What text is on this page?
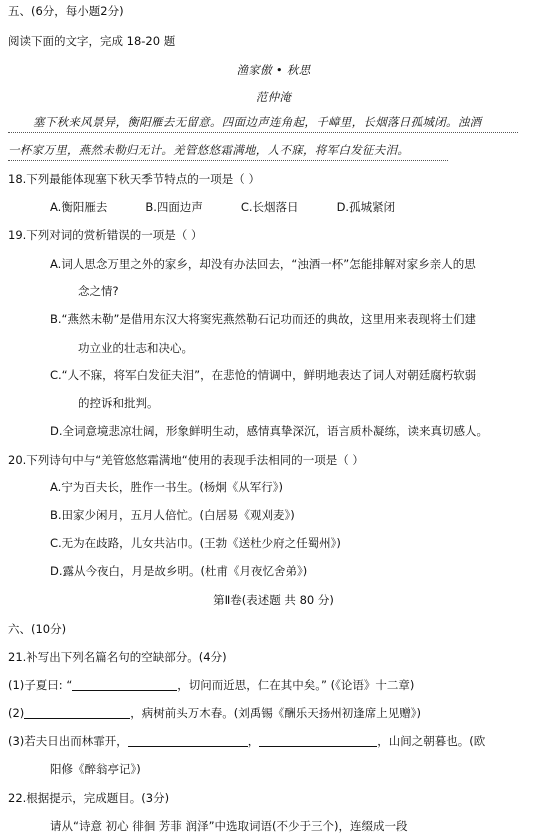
五、(6分，每小题2分)
阅读下面的文字，完成 18-20 题
渔家傲 • 秋思
范仲淹
塞下秋来风景异，衡阳雁去无留意。四面边声连角起，千嶂里，长烟落日孤城闭。浊酒
一杯家万里，燕然未勒归无计。羌管悠悠霜满地，人不寐，将军白发征夫泪。
18.下列最能体现塞下秋天季节特点的一项是（ ）
A.衡阳雁去	B.四面边声	C.长烟落日	D.孤城紧闭
19.下列对词的赏析错误的一项是（ ）
A.词人思念万里之外的家乡，却没有办法回去，“浊酒一杯”怎能排解对家乡亲人的思
念之情?
B.“燕然未勒”是借用东汉大将窦宪燕然勒石记功而还的典故，这里用来表现将士们建
功立业的壮志和决心。
C.“人不寐，将军白发征夫泪”，在悲怆的情调中，鲜明地表达了词人对朝廷腐朽软弱
的控诉和批判。
D.全词意境悲凉壮阔，形象鲜明生动，感情真挚深沉，语言质朴凝练，读来真切感人。
20.下列诗句中与“羌管悠悠霜满地“使用的表现手法相同的一项是（ ）
A.宁为百夫长，胜作一书生。(杨炯《从军行》)
B.田家少闲月，五月人倍忙。(白居易《观刈麦》)
C.无为在歧路，儿女共沾巾。(王勃《送杜少府之任蜀州》)
D.露从今夜白，月是故乡明。(杜甫《月夜忆舍弟》)
第Ⅱ卷(表述题 共 80 分)
六、(10分)
21.补写出下列名篇名句的空缺部分。(4分)
(1)子夏曰: “	，切问而近思，仁在其中矣。” (《论语》十二章)
(2)	，病树前头万木春。(刘禹锡《酬乐天扬州初逢席上见赠》)
(3)若夫日出而林霏开，	，	，山间之朝暮也。(欧
阳修《醉翁亭记》)
22.根据提示，完成题目。(3分)
请从“诗意 初心 徘徊 芳菲 润泽”中选取词语(不少于三个)，连缀成一段
